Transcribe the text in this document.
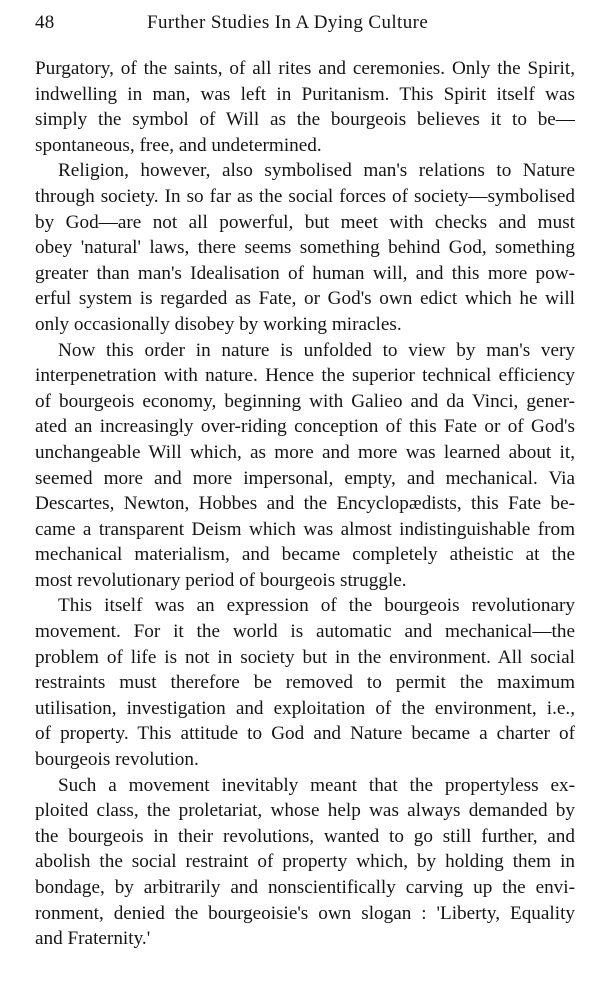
48	Further Studies In A Dying Culture

Purgatory, of the saints, of all rites and ceremonies. Only the Spirit,
indwelling in man, was left in Puritanism. This Spirit itself was
simply the symbol of Will as the bourgeois believes it to be—
spontaneous, free, and undetermined.

Religion, however, also symbolised man's relations to Nature
through society. In so far as the social forces of society—symbolised
by God—are not all powerful, but meet with checks and must
obey 'natural' laws, there seems something behind God, something
greater than man's Idealisation of human will, and this more pow-
erful system is regarded as Fate, or God's own edict which he will
only occasionally disobey by working miracles.

Now this order in nature is unfolded to view by man's very
interpenetration with nature. Hence the superior technical efficiency
of bourgeois economy, beginning with Galieo and da Vinci, gener-
ated an increasingly over-riding conception of this Fate or of God's
unchangeable Will which, as more and more was learned about it,
seemed more and more impersonal, empty, and mechanical. Via
Descartes, Newton, Hobbes and the Encyclopædists, this Fate be-
came a transparent Deism which was almost indistinguishable from
mechanical materialism, and became completely atheistic at the
most revolutionary period of bourgeois struggle.

This itself was an expression of the bourgeois revolutionary
movement. For it the world is automatic and mechanical—the
problem of life is not in society but in the environment. All social
restraints must therefore be removed to permit the maximum
utilisation, investigation and exploitation of the environment, i.e.,
of property. This attitude to God and Nature became a charter of
bourgeois revolution.

Such a movement inevitably meant that the propertyless ex-
ploited class, the proletariat, whose help was always demanded by
the bourgeois in their revolutions, wanted to go still further, and
abolish the social restraint of property which, by holding them in
bondage, by arbitrarily and nonscientifically carving up the envi-
ronment, denied the bourgeoisie's own slogan : 'Liberty, Equality
and Fraternity.'
